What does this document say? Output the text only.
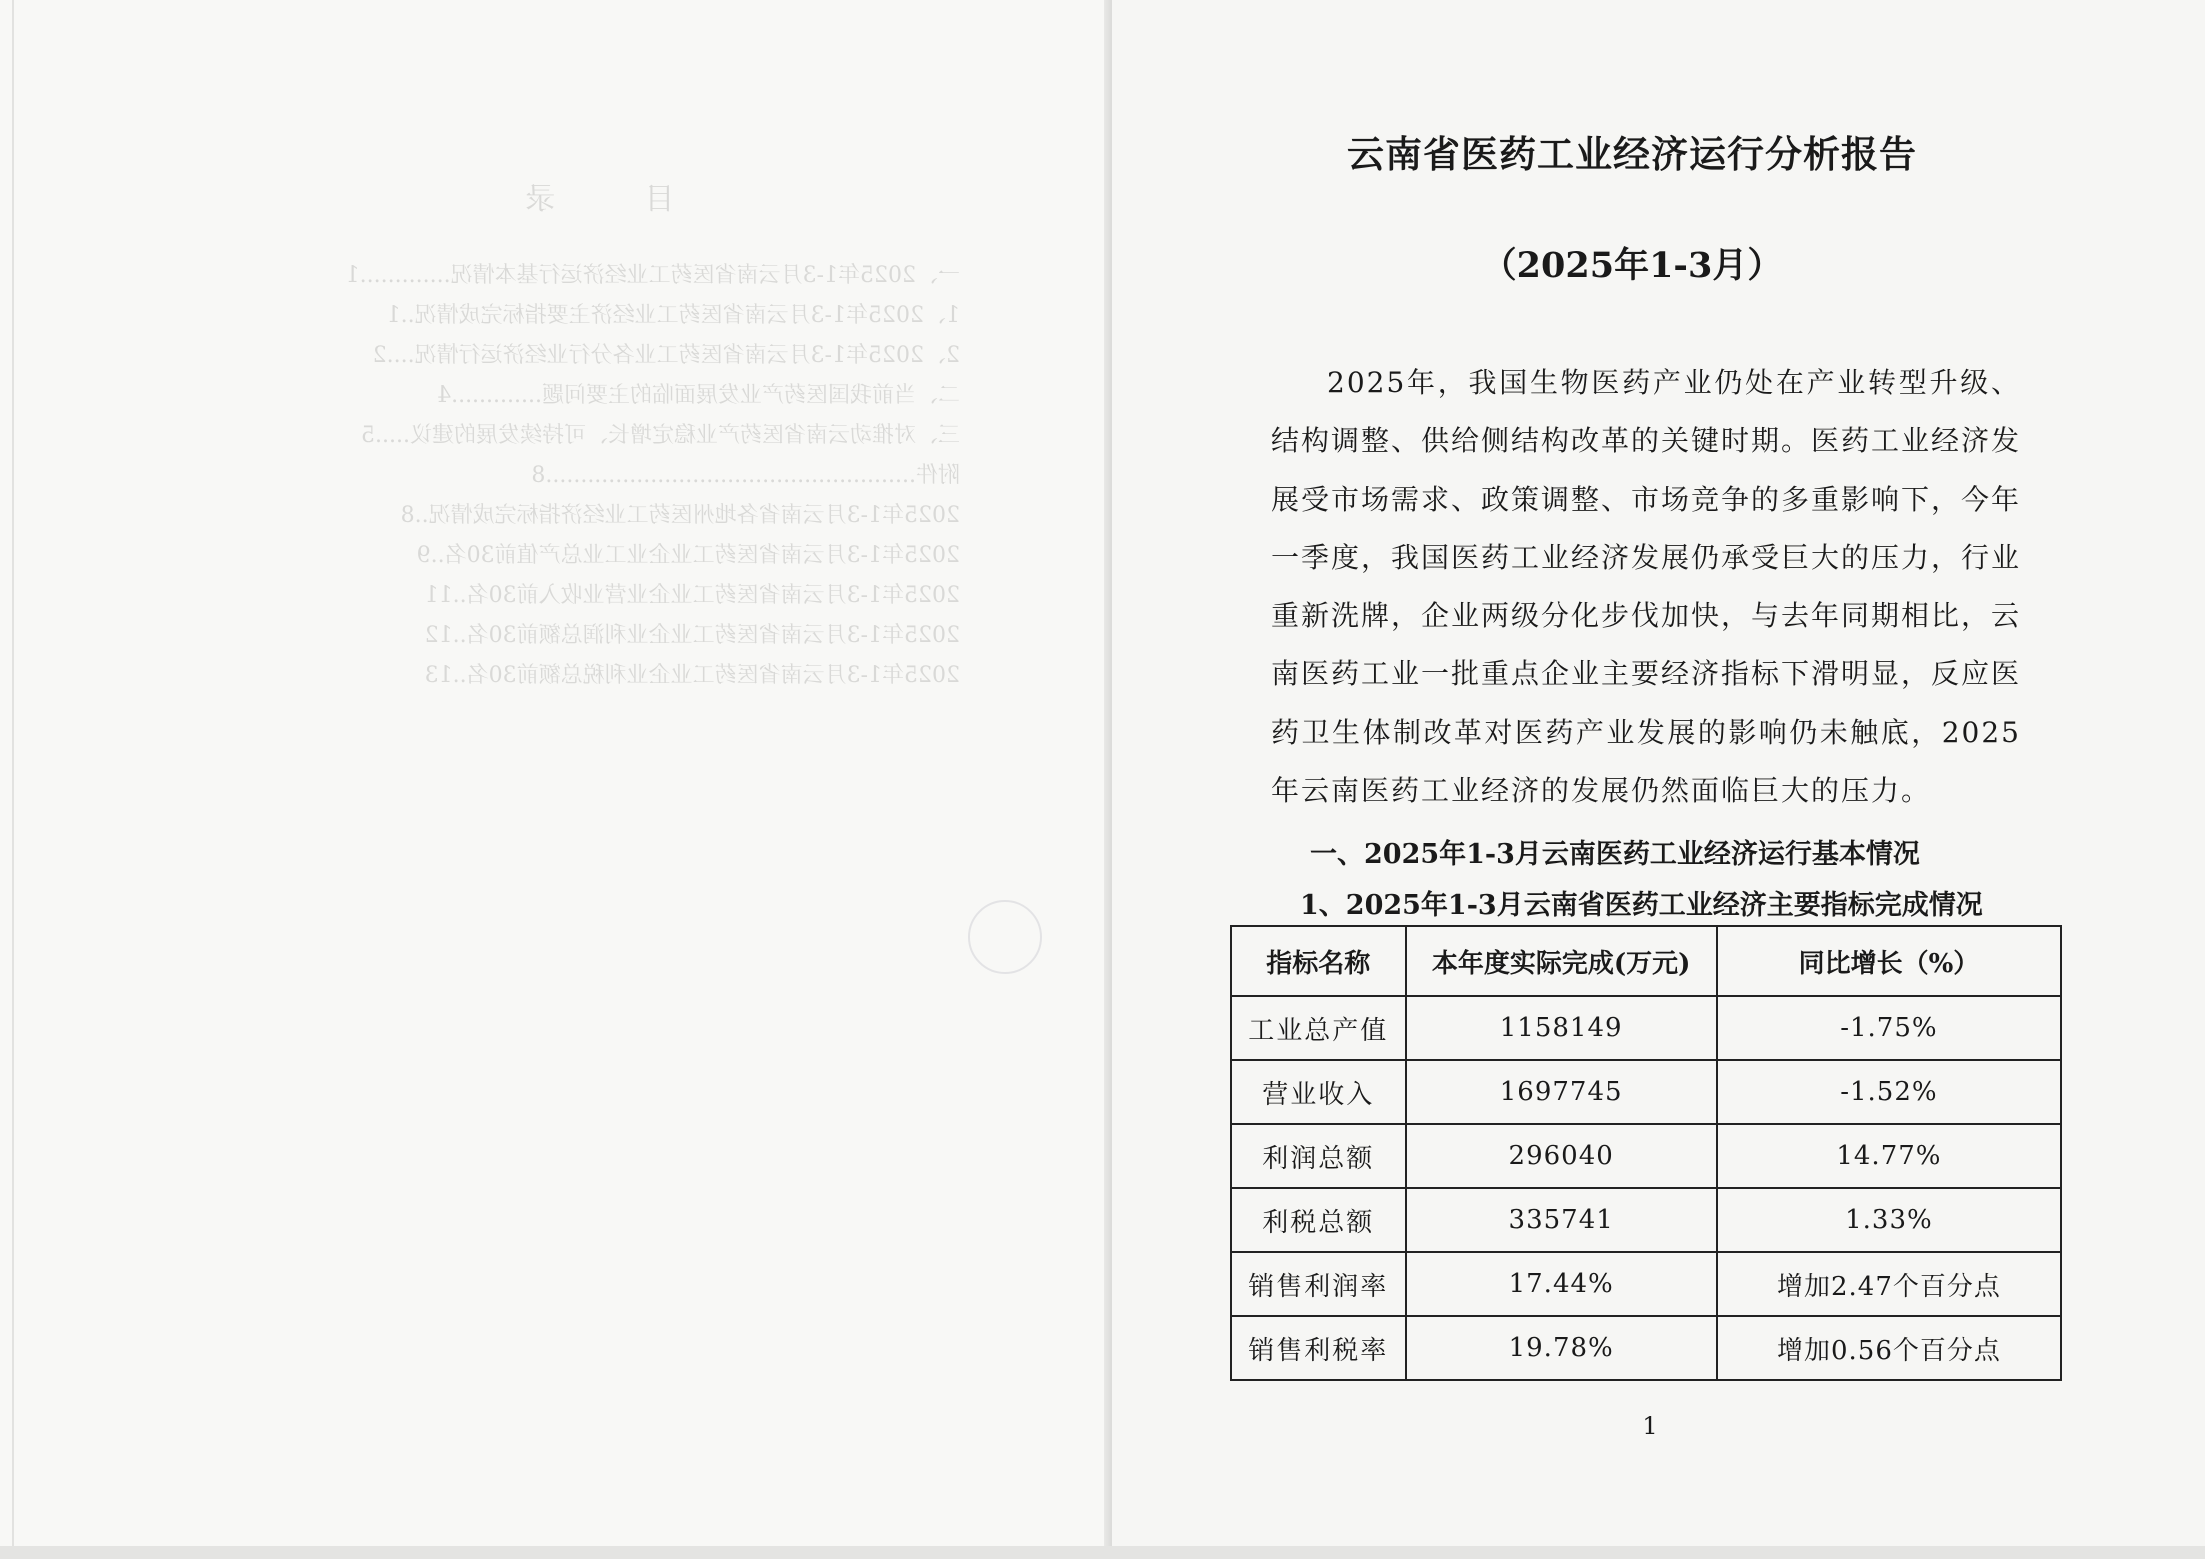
目 录
一、2025年1-3月云南省医药工业经济运行基本情况.............1
1、2025年1-3月云南省医药工业经济主要指标完成情况..1
2、2025年1-3月云南省医药工业各分行业经济运行情况....2
二、当前我国医药产业发展面临的主要问题.............4
三、对推动云南省医药产业稳定增长、可持续发展的建议.....5
附件.....................................................8
2025年1-3月云南省各地州医药工业经济指标完成情况..8
2025年1-3月云南省医药工业企业工业总产值前30名..9
2025年1-3月云南省医药工业企业营业收入前30名..11
2025年1-3月云南省医药工业企业利润总额前30名..12
2025年1-3月云南省医药工业企业利税总额前30名..13
云南省医药工业经济运行分析报告
（2025年1-3月）
2025年，我国生物医药产业仍处在产业转型升级、结构调整、供给侧结构改革的关键时期。医药工业经济发展受市场需求、政策调整、市场竞争的多重影响下，今年一季度，我国医药工业经济发展仍承受巨大的压力，行业重新洗牌，企业两级分化步伐加快，与去年同期相比，云南医药工业一批重点企业主要经济指标下滑明显，反应医药卫生体制改革对医药产业发展的影响仍未触底，2025年云南医药工业经济的发展仍然面临巨大的压力。
一、2025年1-3月云南医药工业经济运行基本情况
1、2025年1-3月云南省医药工业经济主要指标完成情况
指标名称	本年度实际完成(万元)	同比增长（%）
工业总产值	1158149	-1.75%
营业收入	1697745	-1.52%
利润总额	296040	14.77%
利税总额	335741	1.33%
销售利润率	17.44%	增加2.47个百分点
销售利税率	19.78%	增加0.56个百分点
1
